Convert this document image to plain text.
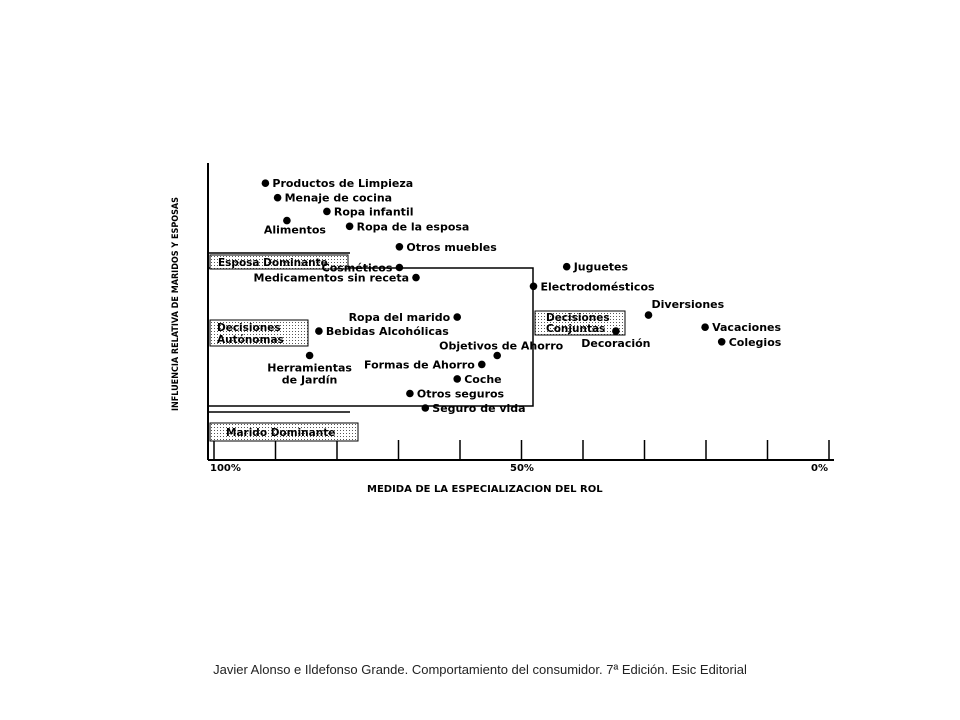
Esposa Dominante
Decisiones
Autónomas
Decisiones
Conjuntas
Marido Dominante
100%	50%	0%
MEDIDA DE LA ESPECIALIZACION DEL ROL
INFLUENCIA RELATIVA DE MARIDOS Y ESPOSAS	Productos de Limpieza
Menaje de cocina
Ropa infantil
Alimentos	Ropa de la esposa
Otros muebles
Cosméticos
Medicamentos sin receta
Juguetes
Electrodomésticos
Diversiones
Ropa del marido
Bebidas Alcohólicas
Decoración
Vacaciones
Colegios
Objetivos de Ahorro
Herramientas
de Jardín
Formas de Ahorro
Coche
Otros seguros
Seguro de vida
Javier Alonso e Ildefonso Grande. Comportamiento del consumidor. 7ª Edición. Esic Editorial
